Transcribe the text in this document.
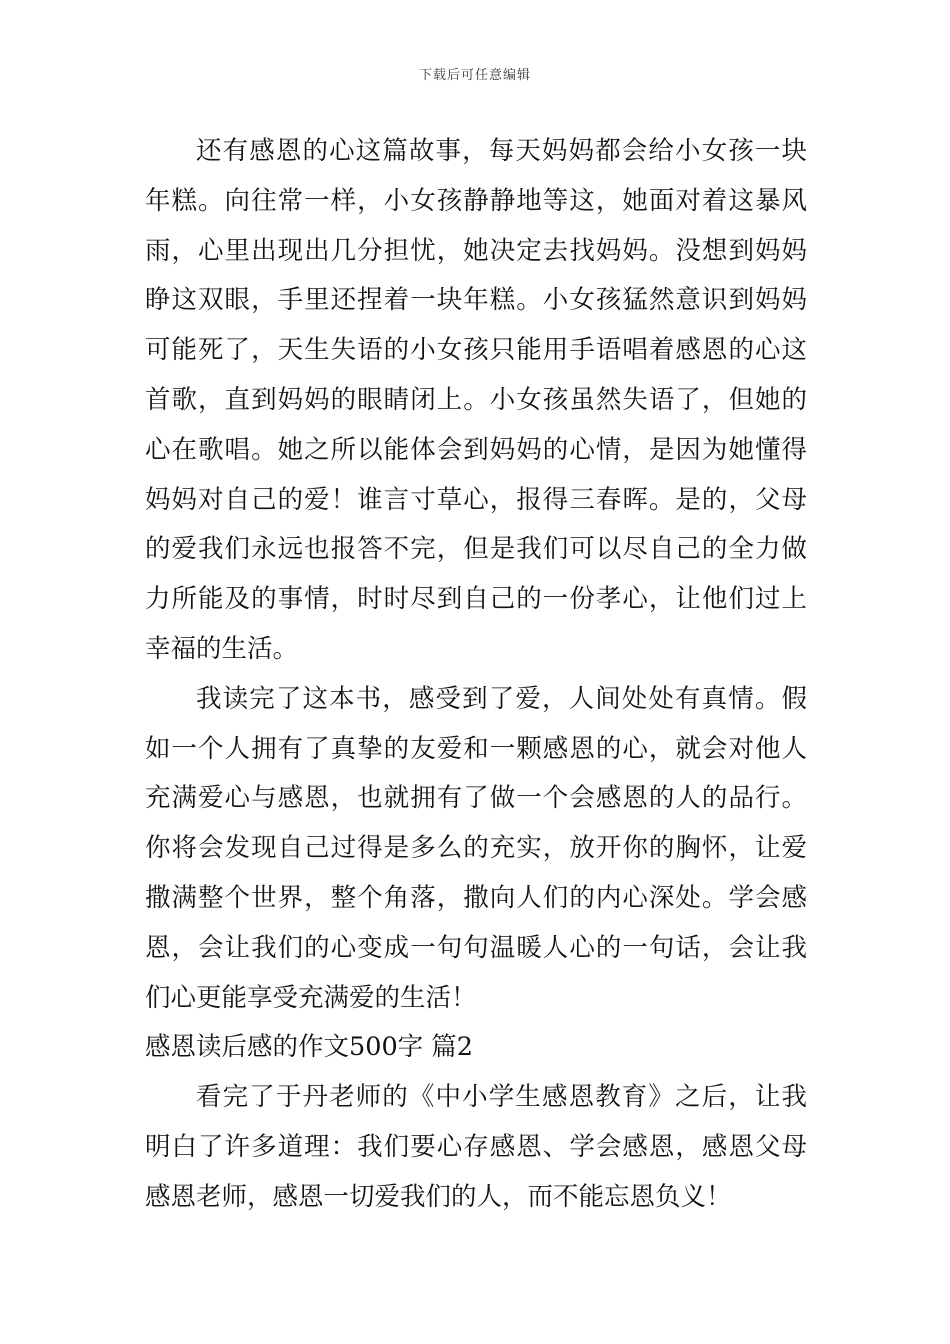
下载后可任意编辑

还有感恩的心这篇故事，每天妈妈都会给小女孩一块年糕。向往常一样，小女孩静静地等这，她面对着这暴风雨，心里出现出几分担忧，她决定去找妈妈。没想到妈妈睁这双眼，手里还捏着一块年糕。小女孩猛然意识到妈妈可能死了，天生失语的小女孩只能用手语唱着感恩的心这首歌，直到妈妈的眼睛闭上。小女孩虽然失语了，但她的心在歌唱。她之所以能体会到妈妈的心情，是因为她懂得妈妈对自己的爱！谁言寸草心，报得三春晖。是的，父母的爱我们永远也报答不完，但是我们可以尽自己的全力做力所能及的事情，时时尽到自己的一份孝心，让他们过上幸福的生活。

我读完了这本书，感受到了爱，人间处处有真情。假如一个人拥有了真挚的友爱和一颗感恩的心，就会对他人充满爱心与感恩，也就拥有了做一个会感恩的人的品行。你将会发现自己过得是多么的充实，放开你的胸怀，让爱撒满整个世界，整个角落，撒向人们的内心深处。学会感恩，会让我们的心变成一句句温暖人心的一句话，会让我们心更能享受充满爱的生活！

感恩读后感的作文500字 篇2

看完了于丹老师的《中小学生感恩教育》之后，让我明白了许多道理：我们要心存感恩、学会感恩，感恩父母感恩老师，感恩一切爱我们的人，而不能忘恩负义！
